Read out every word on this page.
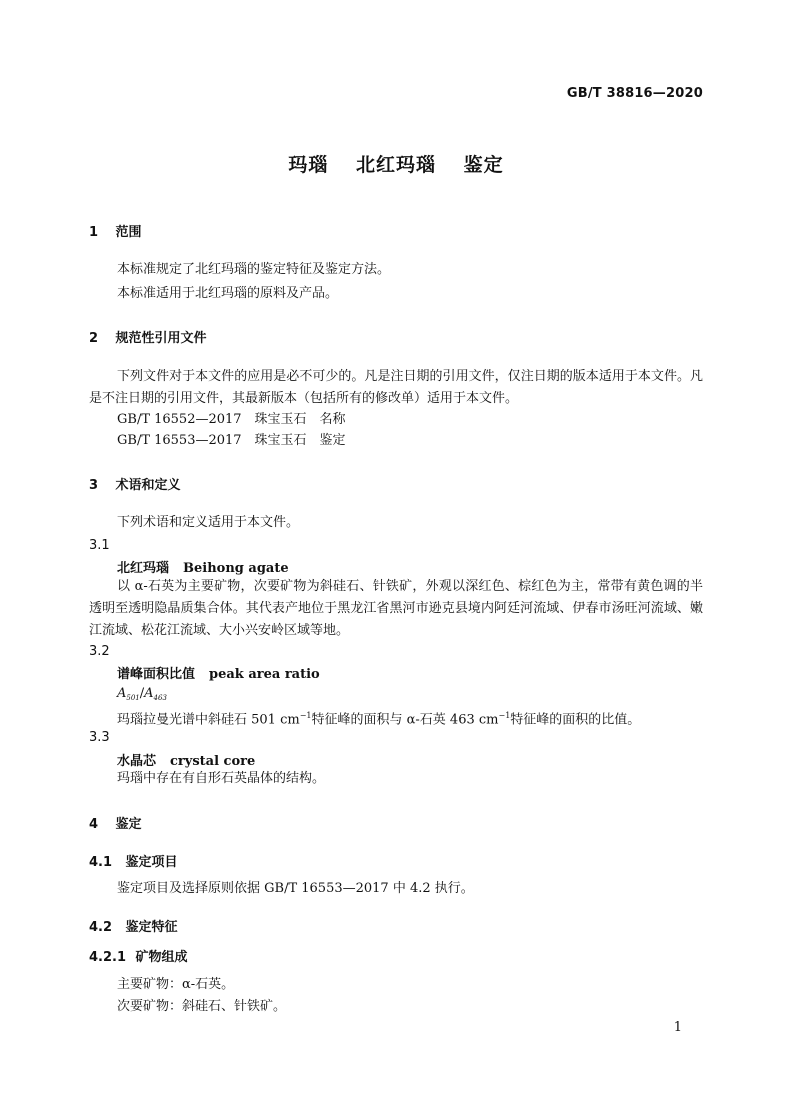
GB/T 38816—2020
玛瑙 北红玛瑙 鉴定
1 范围
本标准规定了北红玛瑙的鉴定特征及鉴定方法。
本标准适用于北红玛瑙的原料及产品。
2 规范性引用文件
下列文件对于本文件的应用是必不可少的。凡是注日期的引用文件，仅注日期的版本适用于本文件。凡是不注日期的引用文件，其最新版本（包括所有的修改单）适用于本文件。
GB/T 16552—2017　珠宝玉石　名称
GB/T 16553—2017　珠宝玉石　鉴定
3 术语和定义
下列术语和定义适用于本文件。
3.1
北红玛瑙 Beihong agate
以 α-石英为主要矿物，次要矿物为斜硅石、针铁矿，外观以深红色、棕红色为主，常带有黄色调的半透明至透明隐晶质集合体。其代表产地位于黑龙江省黑河市逊克县境内阿廷河流域、伊春市汤旺河流域、嫩江流域、松花江流域、大小兴安岭区域等地。
3.2
谱峰面积比值 peak area ratio
$A_{501}/A_{463}$
玛瑙拉曼光谱中斜硅石 501 $cm^{-1}$特征峰的面积与 α-石英 463 $cm^{-1}$特征峰的面积的比值。
3.3
水晶芯 crystal core
玛瑙中存在有自形石英晶体的结构。
4 鉴定
4.1 鉴定项目
鉴定项目及选择原则依据 GB/T 16553—2017 中 4.2 执行。
4.2 鉴定特征
4.2.1 矿物组成
主要矿物：α-石英。
次要矿物：斜硅石、针铁矿。
1
